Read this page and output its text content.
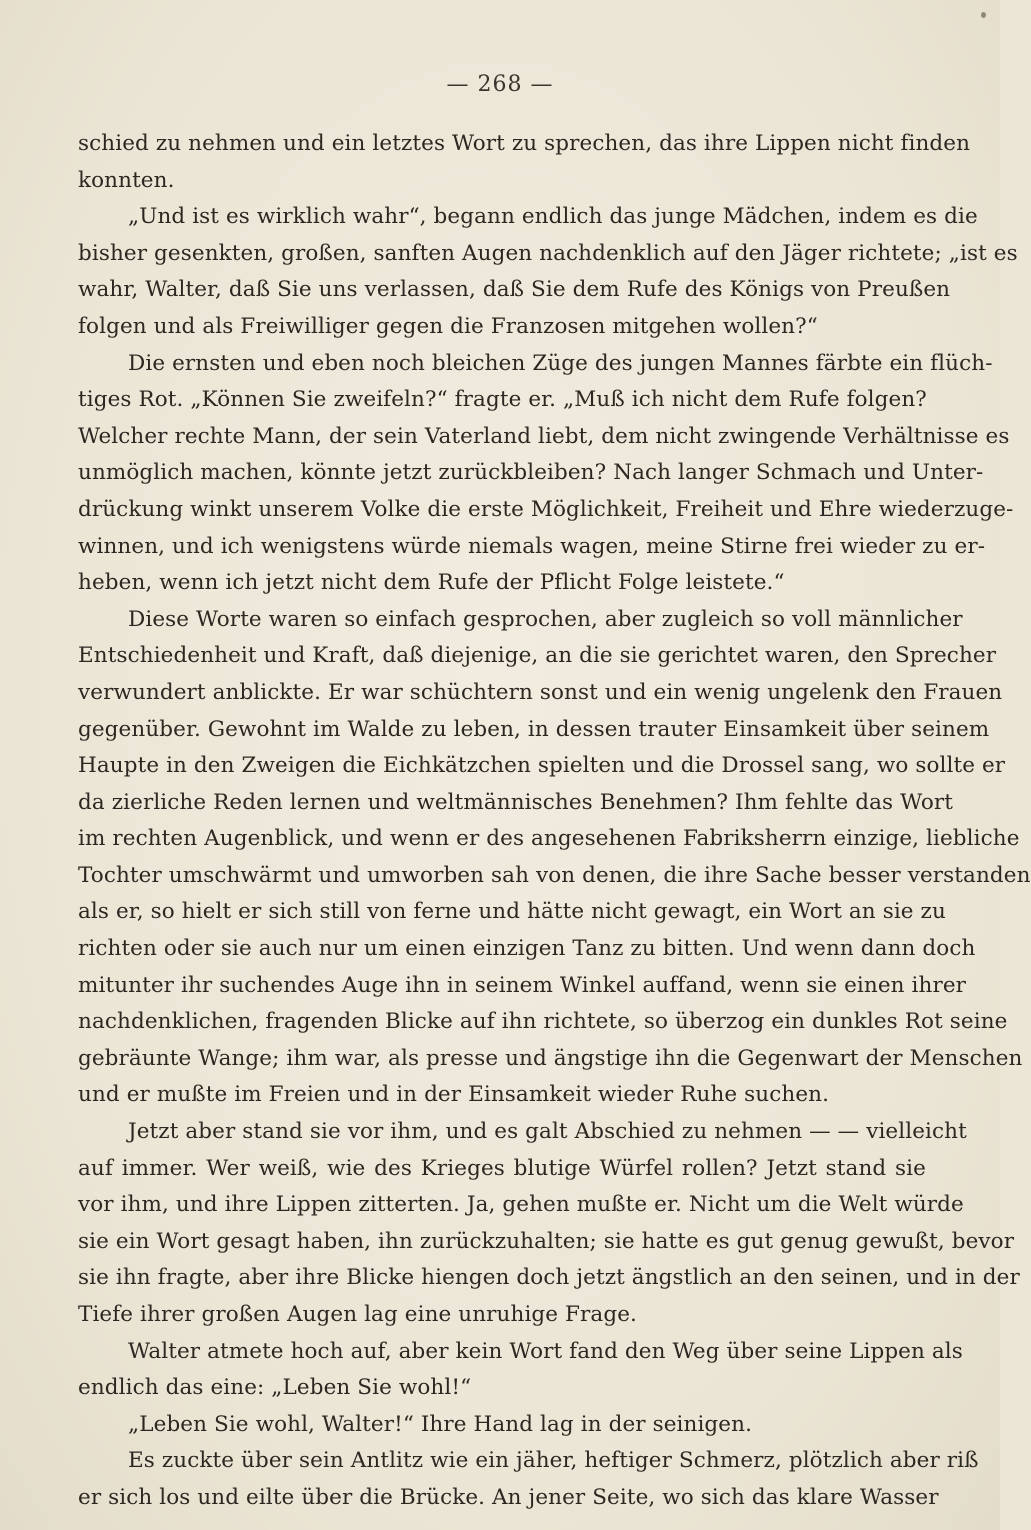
— 268 —
schied zu nehmen und ein letztes Wort zu sprechen, das ihre Lippen nicht finden
konnten.
„Und ist es wirklich wahr“, begann endlich das junge Mädchen, indem es die
bisher gesenkten, großen, sanften Augen nachdenklich auf den Jäger richtete; „ist es
wahr, Walter, daß Sie uns verlassen, daß Sie dem Rufe des Königs von Preußen
folgen und als Freiwilliger gegen die Franzosen mitgehen wollen?“
Die ernsten und eben noch bleichen Züge des jungen Mannes färbte ein flüch-
tiges Rot. „Können Sie zweifeln?“ fragte er. „Muß ich nicht dem Rufe folgen?
Welcher rechte Mann, der sein Vaterland liebt, dem nicht zwingende Verhältnisse es
unmöglich machen, könnte jetzt zurückbleiben? Nach langer Schmach und Unter-
drückung winkt unserem Volke die erste Möglichkeit, Freiheit und Ehre wiederzuge-
winnen, und ich wenigstens würde niemals wagen, meine Stirne frei wieder zu er-
heben, wenn ich jetzt nicht dem Rufe der Pflicht Folge leistete.“
Diese Worte waren so einfach gesprochen, aber zugleich so voll männlicher
Entschiedenheit und Kraft, daß diejenige, an die sie gerichtet waren, den Sprecher
verwundert anblickte. Er war schüchtern sonst und ein wenig ungelenk den Frauen
gegenüber. Gewohnt im Walde zu leben, in dessen trauter Einsamkeit über seinem
Haupte in den Zweigen die Eichkätzchen spielten und die Drossel sang, wo sollte er
da zierliche Reden lernen und weltmännisches Benehmen? Ihm fehlte das Wort
im rechten Augenblick, und wenn er des angesehenen Fabriksherrn einzige, liebliche
Tochter umschwärmt und umworben sah von denen, die ihre Sache besser verstanden
als er, so hielt er sich still von ferne und hätte nicht gewagt, ein Wort an sie zu
richten oder sie auch nur um einen einzigen Tanz zu bitten. Und wenn dann doch
mitunter ihr suchendes Auge ihn in seinem Winkel auffand, wenn sie einen ihrer
nachdenklichen, fragenden Blicke auf ihn richtete, so überzog ein dunkles Rot seine
gebräunte Wange; ihm war, als presse und ängstige ihn die Gegenwart der Menschen
und er mußte im Freien und in der Einsamkeit wieder Ruhe suchen.
Jetzt aber stand sie vor ihm, und es galt Abschied zu nehmen — — vielleicht
auf immer. Wer weiß, wie des Krieges blutige Würfel rollen? Jetzt stand sie
vor ihm, und ihre Lippen zitterten. Ja, gehen mußte er. Nicht um die Welt würde
sie ein Wort gesagt haben, ihn zurückzuhalten; sie hatte es gut genug gewußt, bevor
sie ihn fragte, aber ihre Blicke hiengen doch jetzt ängstlich an den seinen, und in der
Tiefe ihrer großen Augen lag eine unruhige Frage.
Walter atmete hoch auf, aber kein Wort fand den Weg über seine Lippen als
endlich das eine: „Leben Sie wohl!“
„Leben Sie wohl, Walter!“ Ihre Hand lag in der seinigen.
Es zuckte über sein Antlitz wie ein jäher, heftiger Schmerz, plötzlich aber riß
er sich los und eilte über die Brücke. An jener Seite, wo sich das klare Wasser
